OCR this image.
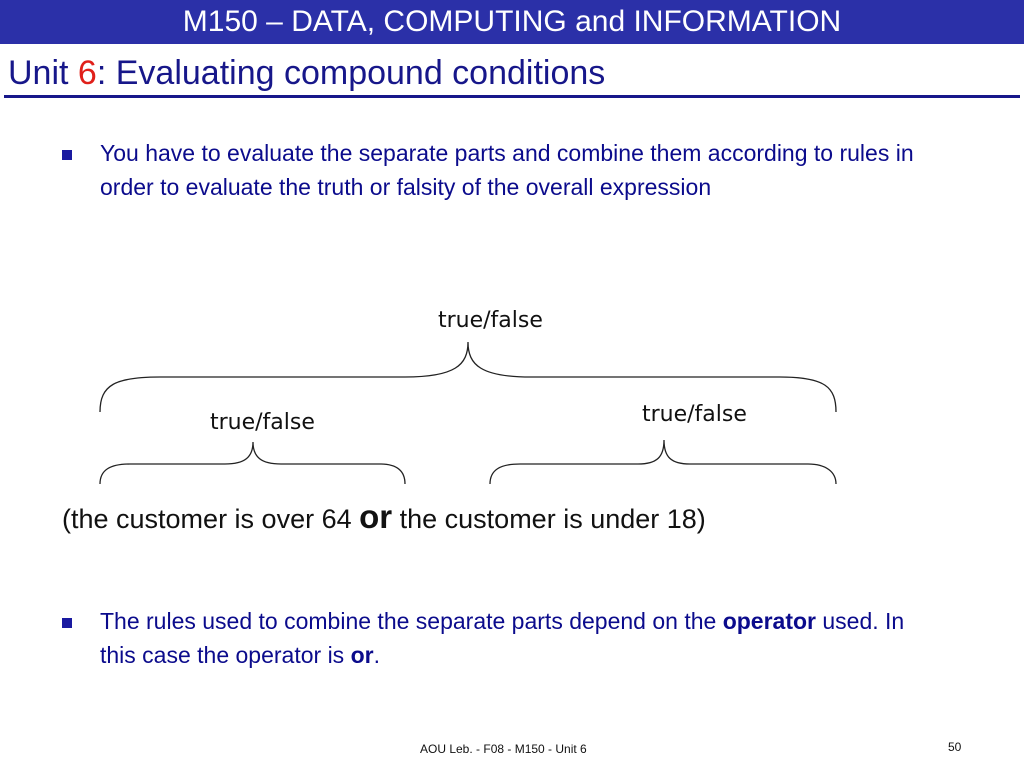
M150 – DATA, COMPUTING and INFORMATION
Unit 6: Evaluating compound conditions
You have to evaluate the separate parts and combine them according to rules in order to evaluate the truth or falsity of the overall expression
true/false
true/false	true/false
(the customer is over 64 or the customer is under 18)
The rules used to combine the separate parts depend on the operator used. In this case the operator is or.
AOU Leb. - F08 - M150 - Unit 6	50
